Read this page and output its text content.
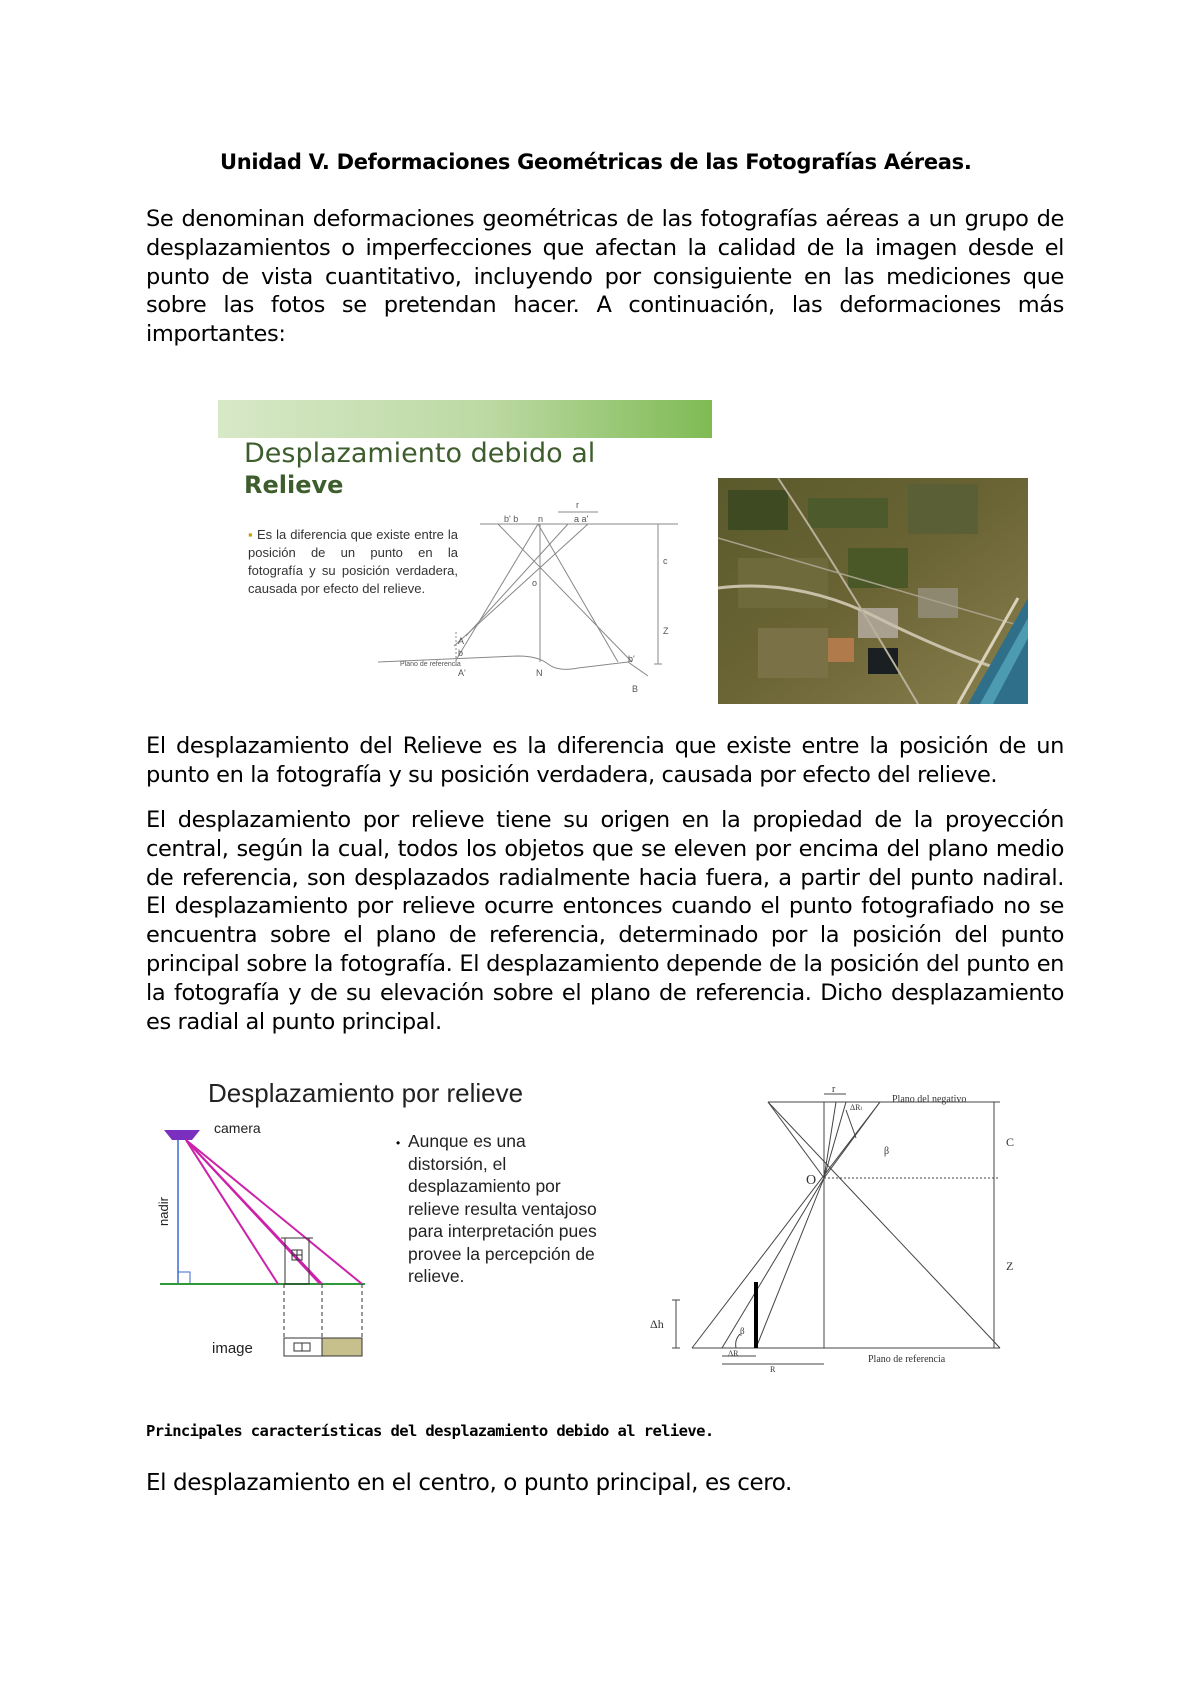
Unidad V. Deformaciones Geométricas de las Fotografías Aéreas.
Se denominan deformaciones geométricas de las fotografías aéreas a un grupo de desplazamientos o imperfecciones que afectan la calidad de la imagen desde el punto de vista cuantitativo, incluyendo por consiguiente en las mediciones que sobre las fotos se pretendan hacer. A continuación, las deformaciones más importantes:
Desplazamiento debido al
Relieve
▪ Es la diferencia que existe entre la posición de un punto en la fotografía y su posición verdadera, causada por efecto del relieve.
b' b n	a a'
r
c
o
Z
A
b
Plano de referencia
A'	N
b'
B
El desplazamiento del Relieve es la diferencia que existe entre la posición de un punto en la fotografía y su posición verdadera, causada por efecto del relieve.
El desplazamiento por relieve tiene su origen en la propiedad de la proyección central, según la cual, todos los objetos que se eleven por encima del plano medio de referencia, son desplazados radialmente hacia fuera, a partir del punto nadiral. El desplazamiento por relieve ocurre entonces cuando el punto fotografiado no se encuentra sobre el plano de referencia, determinado por la posición del punto principal sobre la fotografía. El desplazamiento depende de la posición del punto en la fotografía y de su elevación sobre el plano de referencia. Dicho desplazamiento es radial al punto principal.
Desplazamiento por relieve
camera
nadir
image
• Aunque es una distorsión, el desplazamiento por relieve resulta ventajoso para interpretación pues provee la percepción de relieve.
r
ΔRₗ
Plano del negativo
β
O
C
Z
Δh	β
ΔR
R
Plano de referencia
Principales características del desplazamiento debido al relieve.
El desplazamiento en el centro, o punto principal, es cero.
